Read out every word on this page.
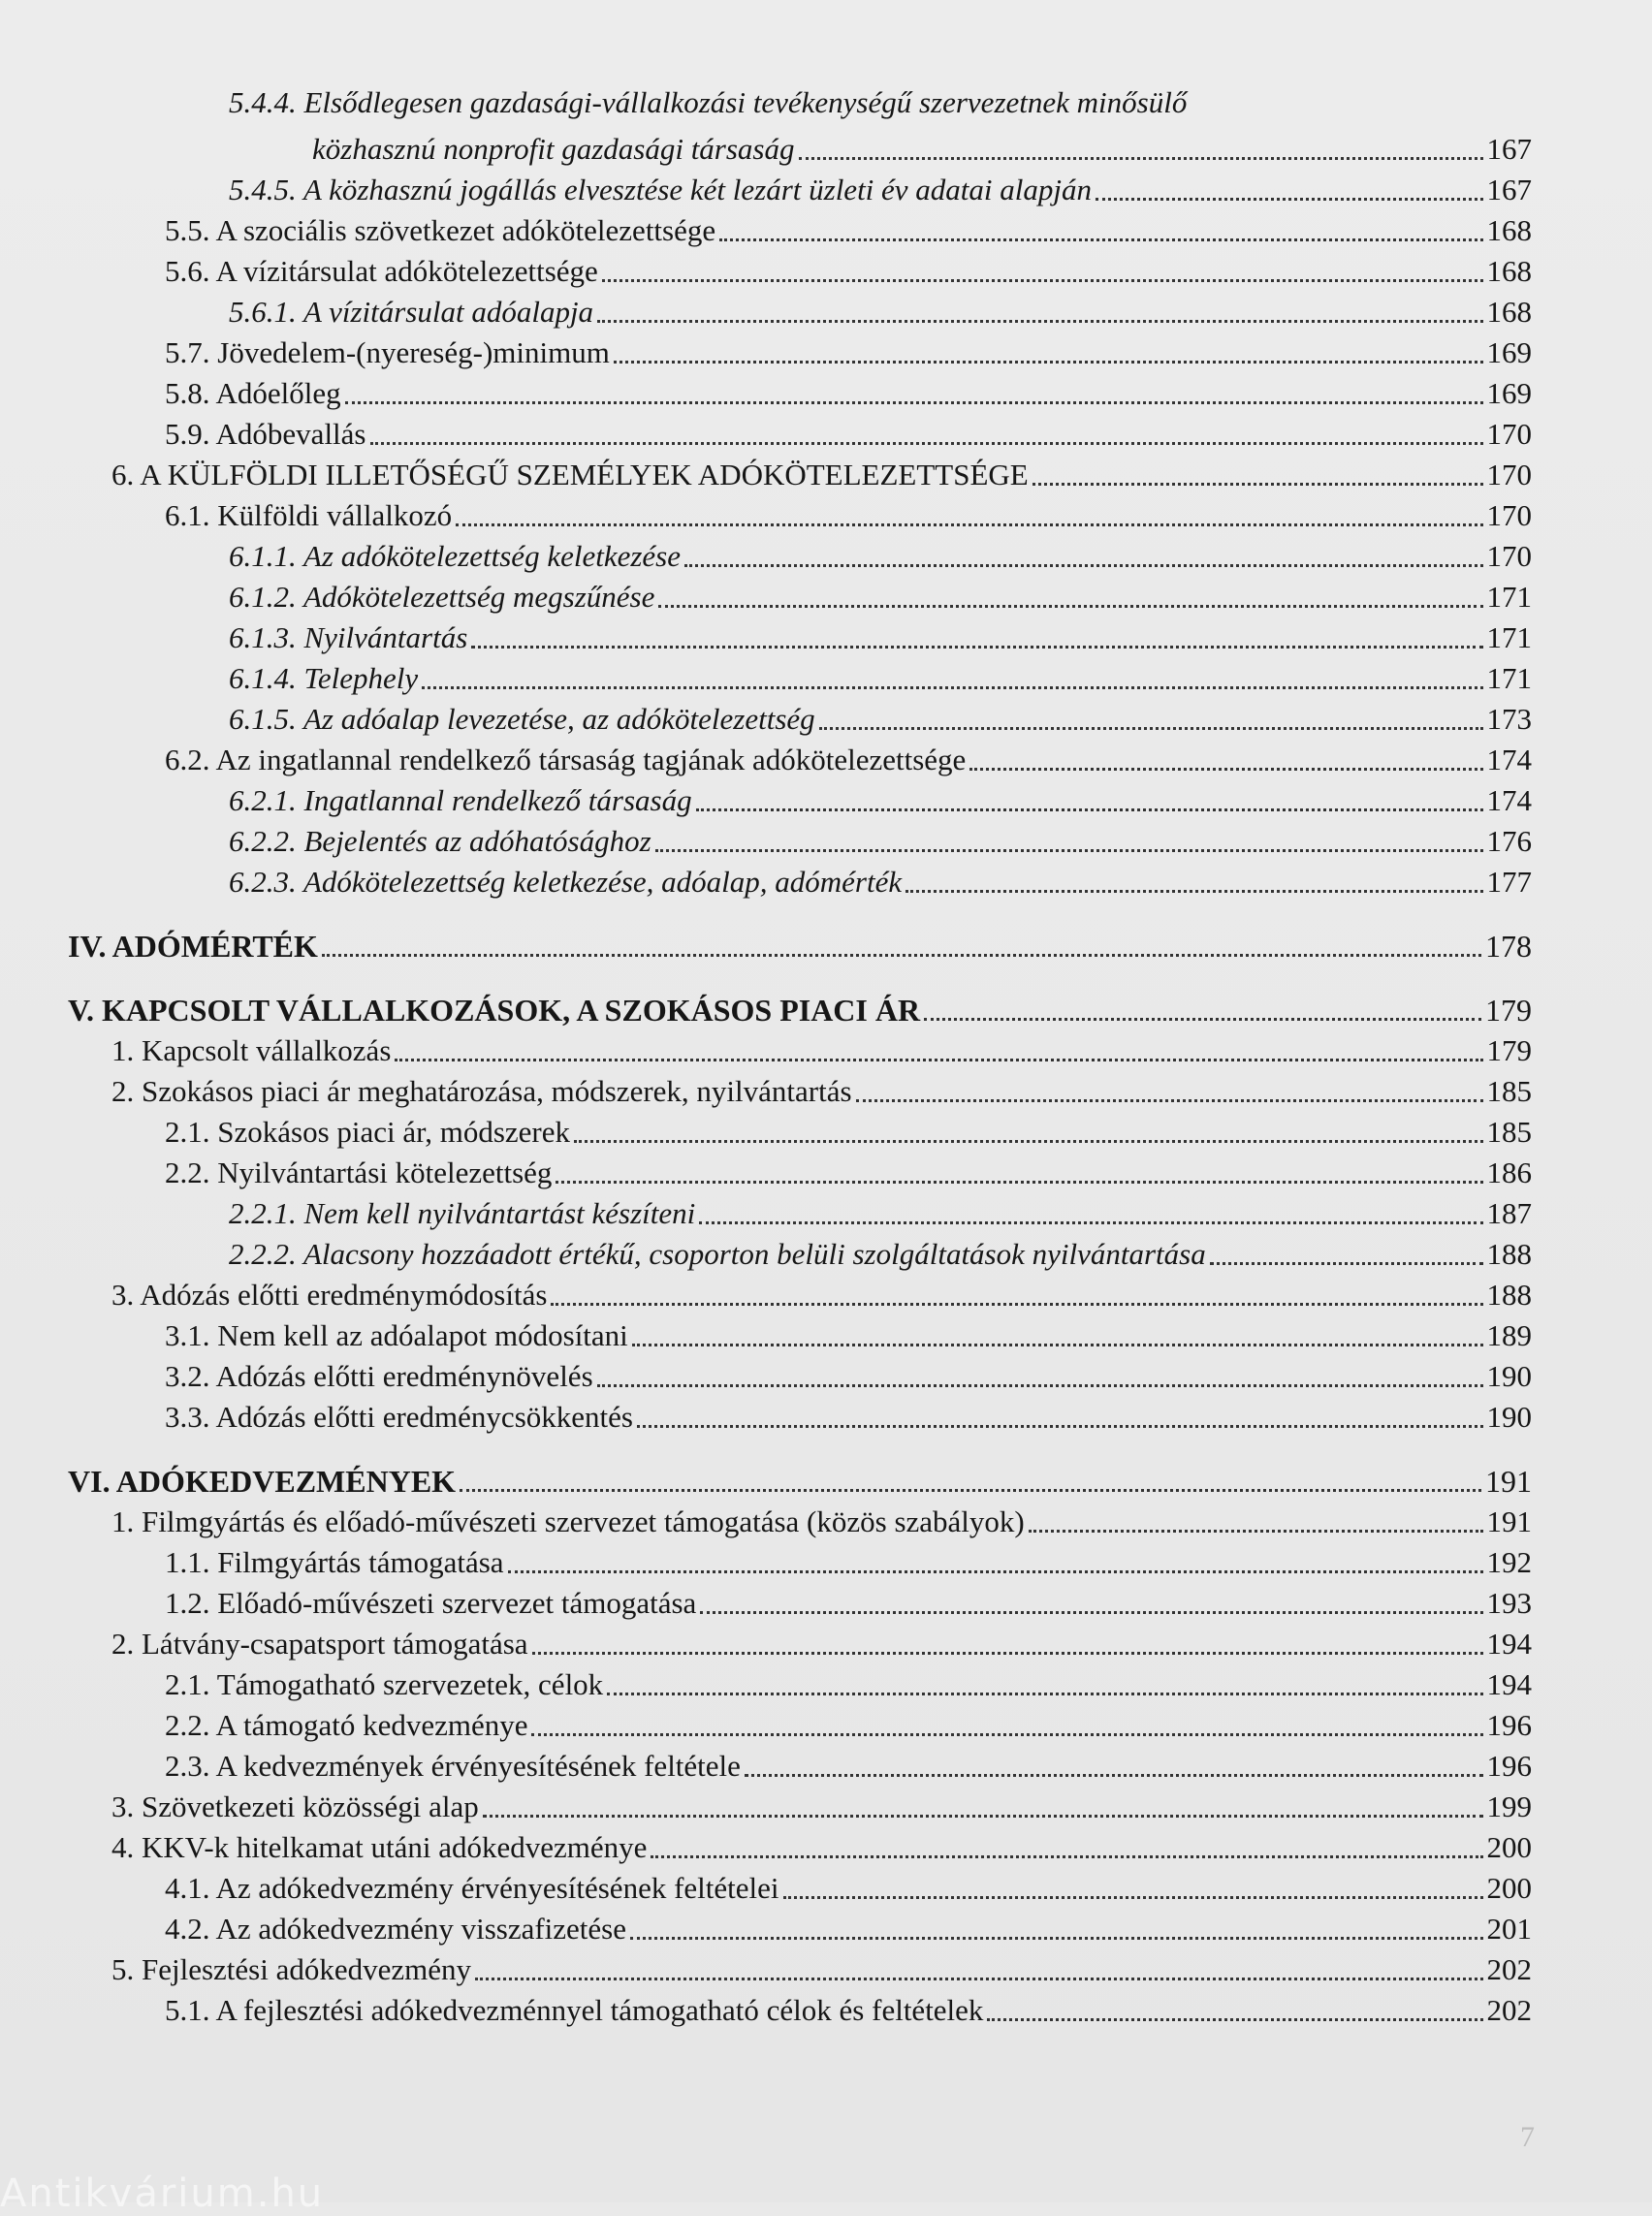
5.4.4. Elsődlegesen gazdasági-vállalkozási tevékenységű szervezetnek minősülő
közhasznú nonprofit gazdasági társaság	167
5.4.5. A közhasznú jogállás elvesztése két lezárt üzleti év adatai alapján	167
5.5. A szociális szövetkezet adókötelezettsége	168
5.6. A vízitársulat adókötelezettsége	168
5.6.1. A vízitársulat adóalapja	168
5.7. Jövedelem-(nyereség-)minimum	169
5.8. Adóelőleg	169
5.9. Adóbevallás	170
6. A KÜLFÖLDI ILLETŐSÉGŰ SZEMÉLYEK ADÓKÖTELEZETTSÉGE	170
6.1. Külföldi vállalkozó	170
6.1.1. Az adókötelezettség keletkezése	170
6.1.2. Adókötelezettség megszűnése	171
6.1.3. Nyilvántartás	171
6.1.4. Telephely	171
6.1.5. Az adóalap levezetése, az adókötelezettség	173
6.2. Az ingatlannal rendelkező társaság tagjának adókötelezettsége	174
6.2.1. Ingatlannal rendelkező társaság	174
6.2.2. Bejelentés az adóhatósághoz	176
6.2.3. Adókötelezettség keletkezése, adóalap, adómérték	177
IV. ADÓMÉRTÉK	178
V. KAPCSOLT VÁLLALKOZÁSOK, A SZOKÁSOS PIACI ÁR	179
1. Kapcsolt vállalkozás	179
2. Szokásos piaci ár meghatározása, módszerek, nyilvántartás	185
2.1. Szokásos piaci ár, módszerek	185
2.2. Nyilvántartási kötelezettség	186
2.2.1. Nem kell nyilvántartást készíteni	187
2.2.2. Alacsony hozzáadott értékű, csoporton belüli szolgáltatások nyilvántartása	188
3. Adózás előtti eredménymódosítás	188
3.1. Nem kell az adóalapot módosítani	189
3.2. Adózás előtti eredménynövelés	190
3.3. Adózás előtti eredménycsökkentés	190
VI. ADÓKEDVEZMÉNYEK	191
1. Filmgyártás és előadó-művészeti szervezet támogatása (közös szabályok)	191
1.1. Filmgyártás támogatása	192
1.2. Előadó-művészeti szervezet támogatása	193
2. Látvány-csapatsport támogatása	194
2.1. Támogatható szervezetek, célok	194
2.2. A támogató kedvezménye	196
2.3. A kedvezmények érvényesítésének feltétele	196
3. Szövetkezeti közösségi alap	199
4. KKV-k hitelkamat utáni adókedvezménye	200
4.1. Az adókedvezmény érvényesítésének feltételei	200
4.2. Az adókedvezmény visszafizetése	201
5. Fejlesztési adókedvezmény	202
5.1. A fejlesztési adókedvezménnyel támogatható célok és feltételek	202
7
Antikvárium.hu
